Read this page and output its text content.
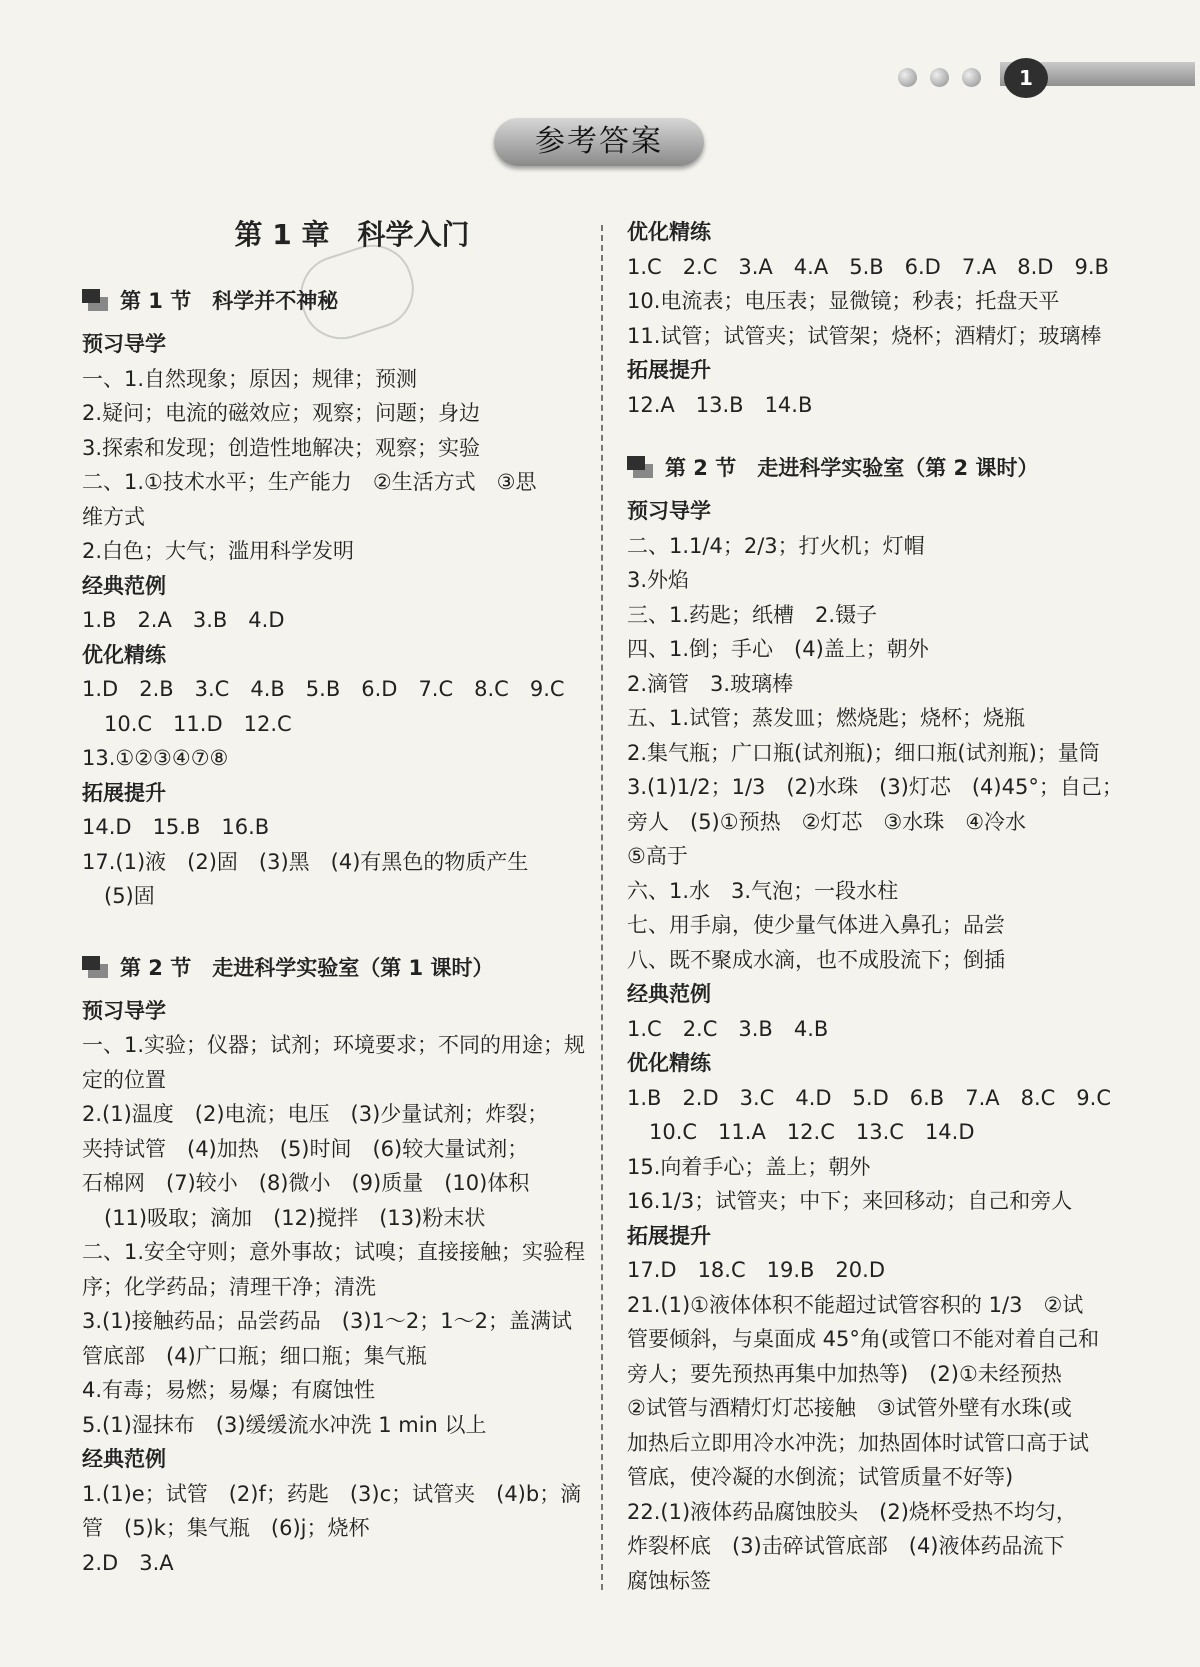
1
参考答案
第 1 章　科学入门
第 1 节　科学并不神秘
预习导学
一、1.自然现象；原因；规律；预测
2.疑问；电流的磁效应；观察；问题；身边
3.探索和发现；创造性地解决；观察；实验
二、1.①技术水平；生产能力　②生活方式　③思
维方式
2.白色；大气；滥用科学发明
经典范例
1.B　2.A　3.B　4.D
优化精练
1.D　2.B　3.C　4.B　5.B　6.D　7.C　8.C　9.C
10.C　11.D　12.C
13.①②③④⑦⑧
拓展提升
14.D　15.B　16.B
17.(1)液　(2)固　(3)黑　(4)有黑色的物质产生
(5)固
第 2 节　走进科学实验室（第 1 课时）
预习导学
一、1.实验；仪器；试剂；环境要求；不同的用途；规
定的位置
2.(1)温度　(2)电流；电压　(3)少量试剂；炸裂；
夹持试管　(4)加热　(5)时间　(6)较大量试剂；
石棉网　(7)较小　(8)微小　(9)质量　(10)体积
(11)吸取；滴加　(12)搅拌　(13)粉末状
二、1.安全守则；意外事故；试嗅；直接接触；实验程
序；化学药品；清理干净；清洗
3.(1)接触药品；品尝药品　(3)1～2；1～2；盖满试
管底部　(4)广口瓶；细口瓶；集气瓶
4.有毒；易燃；易爆；有腐蚀性
5.(1)湿抹布　(3)缓缓流水冲洗 1 min 以上
经典范例
1.(1)e；试管　(2)f；药匙　(3)c；试管夹　(4)b；滴
管　(5)k；集气瓶　(6)j；烧杯
2.D　3.A
优化精练
1.C　2.C　3.A　4.A　5.B　6.D　7.A　8.D　9.B
10.电流表；电压表；显微镜；秒表；托盘天平
11.试管；试管夹；试管架；烧杯；酒精灯；玻璃棒
拓展提升
12.A　13.B　14.B
第 2 节　走进科学实验室（第 2 课时）
预习导学
二、1.1/4；2/3；打火机；灯帽
3.外焰
三、1.药匙；纸槽　2.镊子
四、1.倒；手心　(4)盖上；朝外
2.滴管　3.玻璃棒
五、1.试管；蒸发皿；燃烧匙；烧杯；烧瓶
2.集气瓶；广口瓶(试剂瓶)；细口瓶(试剂瓶)；量筒
3.(1)1/2；1/3　(2)水珠　(3)灯芯　(4)45°；自己；
旁人　(5)①预热　②灯芯　③水珠　④冷水
⑤高于
六、1.水　3.气泡；一段水柱
七、用手扇，使少量气体进入鼻孔；品尝
八、既不聚成水滴，也不成股流下；倒插
经典范例
1.C　2.C　3.B　4.B
优化精练
1.B　2.D　3.C　4.D　5.D　6.B　7.A　8.C　9.C
10.C　11.A　12.C　13.C　14.D
15.向着手心；盖上；朝外
16.1/3；试管夹；中下；来回移动；自己和旁人
拓展提升
17.D　18.C　19.B　20.D
21.(1)①液体体积不能超过试管容积的 1/3　②试
管要倾斜，与桌面成 45°角(或管口不能对着自己和
旁人；要先预热再集中加热等)　(2)①未经预热
②试管与酒精灯灯芯接触　③试管外壁有水珠(或
加热后立即用冷水冲洗；加热固体时试管口高于试
管底，使冷凝的水倒流；试管质量不好等)
22.(1)液体药品腐蚀胶头　(2)烧杯受热不均匀，
炸裂杯底　(3)击碎试管底部　(4)液体药品流下
腐蚀标签
